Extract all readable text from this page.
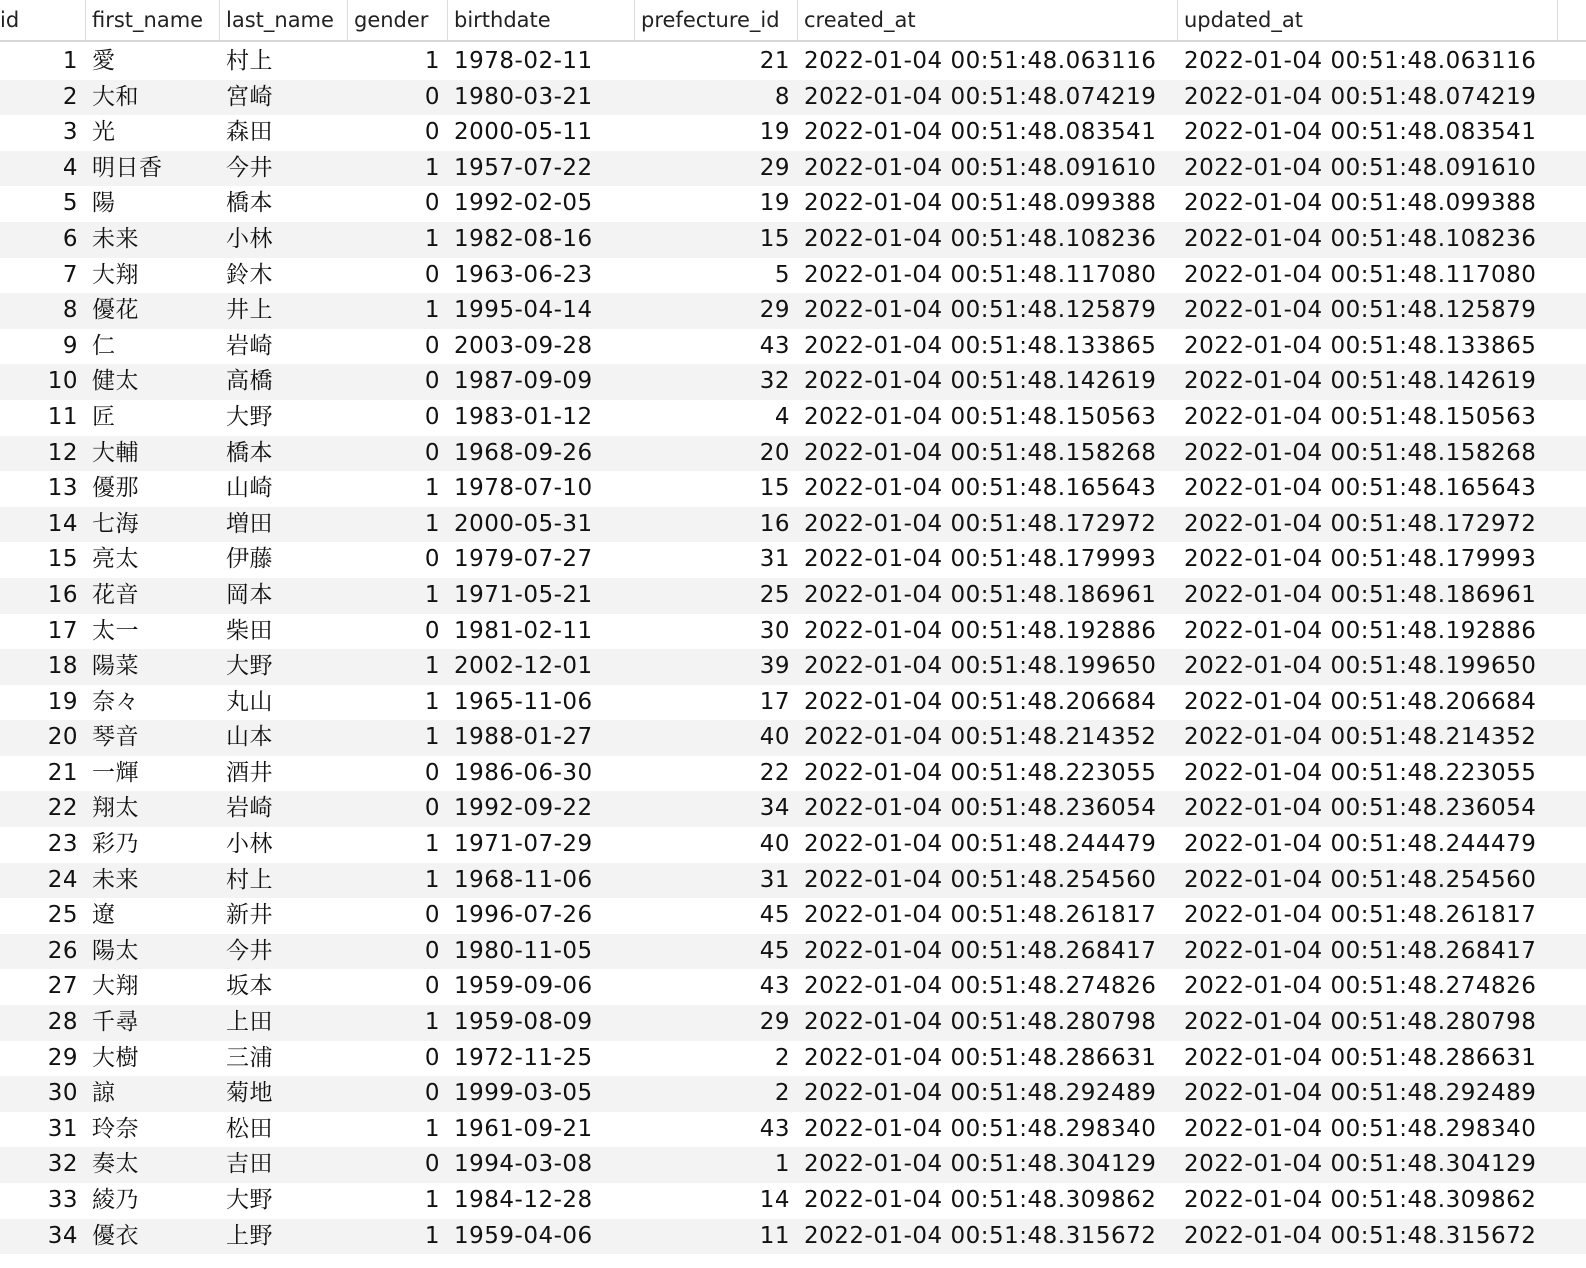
id	first_name	last_name gender	birthdate	prefecture_id	created_at	updated_at
1 愛	村上	1 1978-02-11	21 2022-01-04 00:51:48.063116	2022-01-04 00:51:48.063116
2 大和	宮崎	0 1980-03-21	8 2022-01-04 00:51:48.074219	2022-01-04 00:51:48.074219
3 光	森田	0 2000-05-11	19 2022-01-04 00:51:48.083541	2022-01-04 00:51:48.083541
4 明日香	今井	1 1957-07-22	29 2022-01-04 00:51:48.091610	2022-01-04 00:51:48.091610
5 陽	橋本	0 1992-02-05	19 2022-01-04 00:51:48.099388	2022-01-04 00:51:48.099388
6 未来	小林	1 1982-08-16	15 2022-01-04 00:51:48.108236	2022-01-04 00:51:48.108236
7 大翔	鈴木	0 1963-06-23	5 2022-01-04 00:51:48.117080	2022-01-04 00:51:48.117080
8 優花	井上	1 1995-04-14	29 2022-01-04 00:51:48.125879	2022-01-04 00:51:48.125879
9 仁	岩崎	0 2003-09-28	43 2022-01-04 00:51:48.133865	2022-01-04 00:51:48.133865
10 健太	高橋	0 1987-09-09	32 2022-01-04 00:51:48.142619	2022-01-04 00:51:48.142619
11 匠	大野	0 1983-01-12	4 2022-01-04 00:51:48.150563	2022-01-04 00:51:48.150563
12 大輔	橋本	0 1968-09-26	20 2022-01-04 00:51:48.158268	2022-01-04 00:51:48.158268
13 優那	山崎	1 1978-07-10	15 2022-01-04 00:51:48.165643	2022-01-04 00:51:48.165643
14 七海	増田	1 2000-05-31	16 2022-01-04 00:51:48.172972	2022-01-04 00:51:48.172972
15 亮太	伊藤	0 1979-07-27	31 2022-01-04 00:51:48.179993	2022-01-04 00:51:48.179993
16 花音	岡本	1 1971-05-21	25 2022-01-04 00:51:48.186961	2022-01-04 00:51:48.186961
17 太一	柴田	0 1981-02-11	30 2022-01-04 00:51:48.192886	2022-01-04 00:51:48.192886
18 陽菜	大野	1 2002-12-01	39 2022-01-04 00:51:48.199650	2022-01-04 00:51:48.199650
19 奈々	丸山	1 1965-11-06	17 2022-01-04 00:51:48.206684	2022-01-04 00:51:48.206684
20 琴音	山本	1 1988-01-27	40 2022-01-04 00:51:48.214352	2022-01-04 00:51:48.214352
21 一輝	酒井	0 1986-06-30	22 2022-01-04 00:51:48.223055	2022-01-04 00:51:48.223055
22 翔太	岩崎	0 1992-09-22	34 2022-01-04 00:51:48.236054	2022-01-04 00:51:48.236054
23 彩乃	小林	1 1971-07-29	40 2022-01-04 00:51:48.244479	2022-01-04 00:51:48.244479
24 未来	村上	1 1968-11-06	31 2022-01-04 00:51:48.254560	2022-01-04 00:51:48.254560
25 遼	新井	0 1996-07-26	45 2022-01-04 00:51:48.261817	2022-01-04 00:51:48.261817
26 陽太	今井	0 1980-11-05	45 2022-01-04 00:51:48.268417	2022-01-04 00:51:48.268417
27 大翔	坂本	0 1959-09-06	43 2022-01-04 00:51:48.274826	2022-01-04 00:51:48.274826
28 千尋	上田	1 1959-08-09	29 2022-01-04 00:51:48.280798	2022-01-04 00:51:48.280798
29 大樹	三浦	0 1972-11-25	2 2022-01-04 00:51:48.286631	2022-01-04 00:51:48.286631
30 諒	菊地	0 1999-03-05	2 2022-01-04 00:51:48.292489	2022-01-04 00:51:48.292489
31 玲奈	松田	1 1961-09-21	43 2022-01-04 00:51:48.298340	2022-01-04 00:51:48.298340
32 奏太	吉田	0 1994-03-08	1 2022-01-04 00:51:48.304129	2022-01-04 00:51:48.304129
33 綾乃	大野	1 1984-12-28	14 2022-01-04 00:51:48.309862	2022-01-04 00:51:48.309862
34 優衣	上野	1 1959-04-06	11 2022-01-04 00:51:48.315672	2022-01-04 00:51:48.315672
